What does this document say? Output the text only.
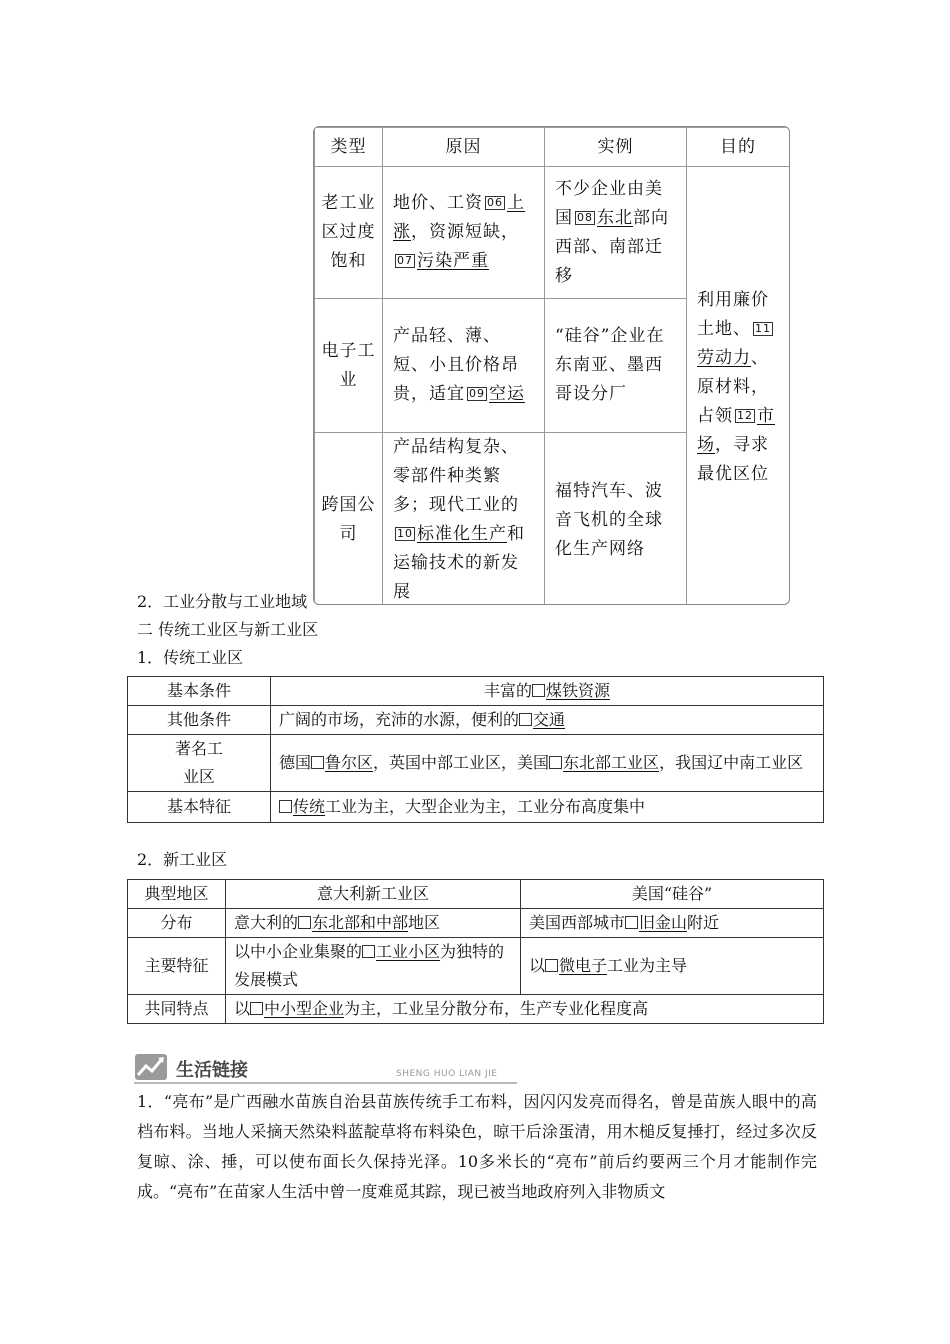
类型	原因	实例	目的
老工业区过度饱和	地价、工资 06 上涨，资源短缺，07 污染严重	不少企业由美国 08 东北部向西部、南部迁移	利用廉价土地、 11劳动力、原材料，占领 12 市场，寻求最优区位
电子工业	产品轻、薄、短、小且价格昂贵，适宜 09 空运	“硅谷”企业在东南亚、墨西哥设分厂	
跨国公司	产品结构复杂、零部件种类繁多；现代工业的10 标准化生产和运输技术的新发展	福特汽车、波音飞机的全球化生产网络	
2．工业分散与工业地域
二 传统工业区与新工业区
1．传统工业区
基本条件	丰富的 煤铁资源
其他条件	广阔的市场，充沛的水源，便利的 交通
著名工业区	德国 鲁尔区，英国中部工业区，美国 东北部工业区，我国辽中南工业区
基本特征	传统工业为主，大型企业为主，工业分布高度集中
2．新工业区
典型地区	意大利新工业区	美国“硅谷”
分布	意大利的 东北部和中部地区	美国西部城市 旧金山附近
主要特征	以中小企业集聚的 工业小区为独特的发展模式	以 微电子工业为主导
共同特点	以 中小型企业为主，工业呈分散分布，生产专业化程度高	
生活链接	SHENG HUO LIAN JIE
1．“亮布”是广西融水苗族自治县苗族传统手工布料，因闪闪发亮而得名，曾是苗族人眼中的高档布料。当地人采摘天然染料蓝靛草将布料染色，晾干后涂蛋清，用木槌反复捶打，经过多次反复晾、涂、捶，可以使布面长久保持光泽。10多米长的“亮布”前后约要两三个月才能制作完成。“亮布”在苗家人生活中曾一度难觅其踪，现已被当地政府列入非物质文
